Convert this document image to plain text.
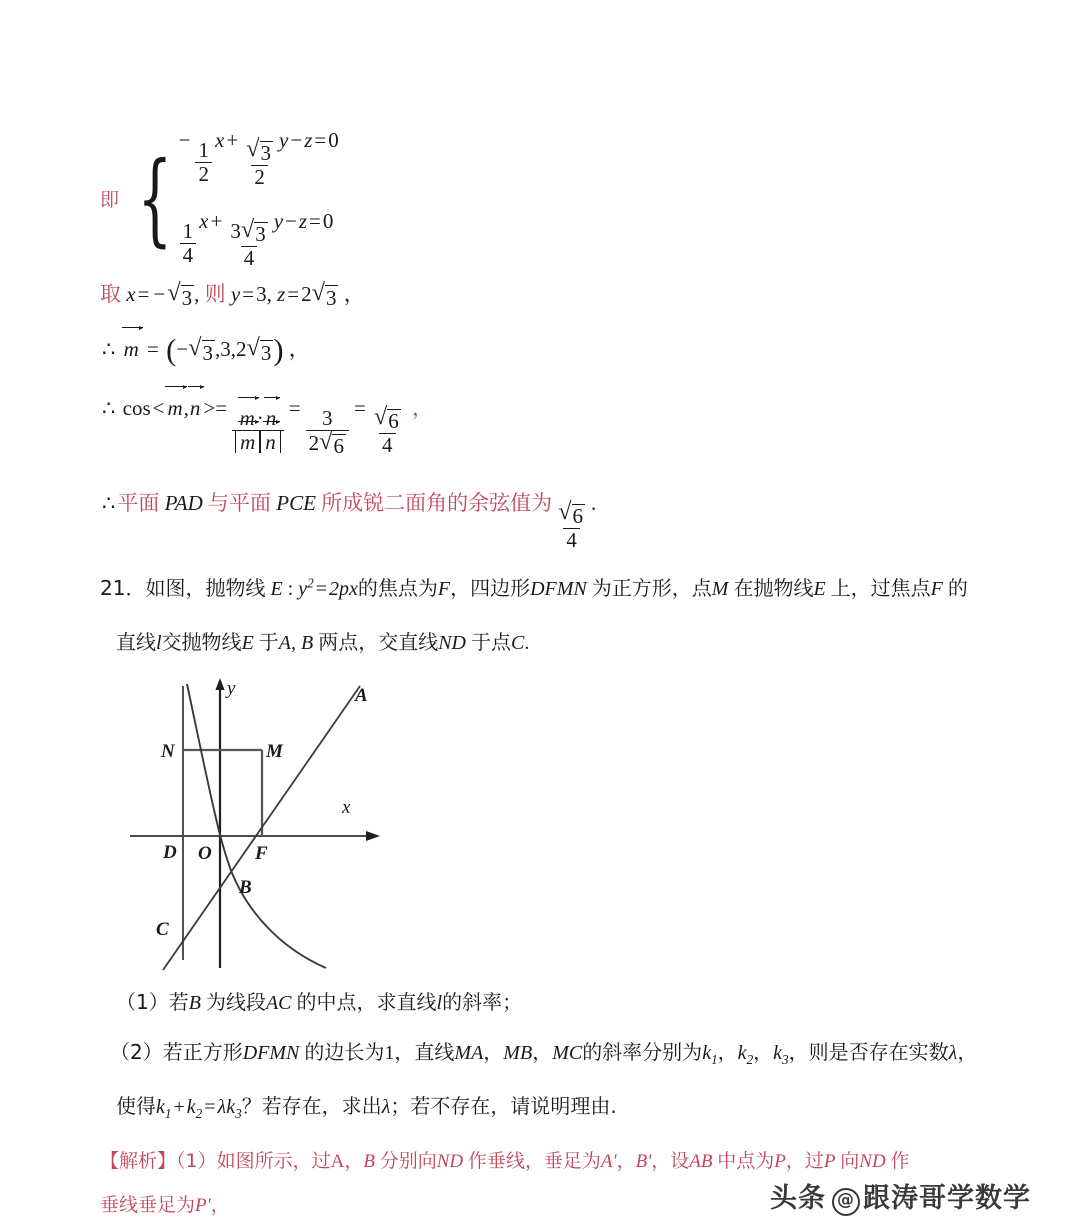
即 { − $\frac{1}{2} x+ \frac{√ 3}{2} y-z=0$
$\frac{1}{4} x+ \frac{3 √ 3}{4} y-z=0$
取 x= − √ 3 , 则 y=3, z=2 √ 3 ，
∴ m = (− √ 3 ,3,2 √ 3 ) ，
∴ $\cos< m,n >= \frac{m\cdot n}{\text{m n}} = \frac{3}{2 √ 6} = \frac{√ 6}{4}$ ，
∴平面 PAD 与平面 PCE 所成锐二面角的余弦值为 $\frac{√ 6}{4}$ .
21．如图，抛物线 E : $y^2 = 2px$的焦点为F，四边形DFMN 为正方形，点M 在抛物线E 上，过焦点F 的
直线l交抛物线E 于A, B 两点，交直线ND 于点C.
N	M
A
D O F
B
C
y
x
（1）若B 为线段AC 的中点，求直线l的斜率；
（2）若正方形DFMN 的边长为1，直线MA，MB，MC的斜率分别为$k_1$，$k_2$，$k_3$，则是否存在实数λ，
使得$k_1 + k_2 = \lambda k_3$？若存在，求出λ；若不存在，请说明理由.
【解析】（1）如图所示，过A，B 分别向ND 作垂线，垂足为A'，B'，设AB 中点为P，过P 向ND 作
垂线垂足为P'，	头条 @ 跟涛哥学数学
